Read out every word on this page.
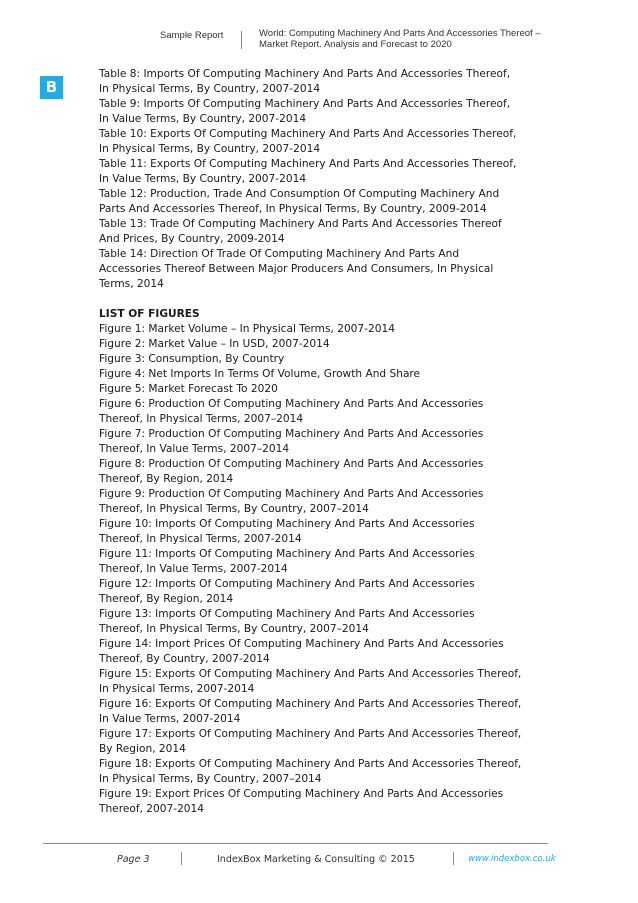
Sample Report	World: Computing Machinery And Parts And Accessories Thereof –
Market Report. Analysis and Forecast to 2020
B
Table 8: Imports Of Computing Machinery And Parts And Accessories Thereof,
In Physical Terms, By Country, 2007-2014
Table 9: Imports Of Computing Machinery And Parts And Accessories Thereof,
In Value Terms, By Country, 2007-2014
Table 10: Exports Of Computing Machinery And Parts And Accessories Thereof,
In Physical Terms, By Country, 2007-2014
Table 11: Exports Of Computing Machinery And Parts And Accessories Thereof,
In Value Terms, By Country, 2007-2014
Table 12: Production, Trade And Consumption Of Computing Machinery And
Parts And Accessories Thereof, In Physical Terms, By Country, 2009-2014
Table 13: Trade Of Computing Machinery And Parts And Accessories Thereof
And Prices, By Country, 2009-2014
Table 14: Direction Of Trade Of Computing Machinery And Parts And
Accessories Thereof Between Major Producers And Consumers, In Physical
Terms, 2014
LIST OF FIGURES
Figure 1: Market Volume – In Physical Terms, 2007-2014
Figure 2: Market Value – In USD, 2007-2014
Figure 3: Consumption, By Country
Figure 4: Net Imports In Terms Of Volume, Growth And Share
Figure 5: Market Forecast To 2020
Figure 6: Production Of Computing Machinery And Parts And Accessories
Thereof, In Physical Terms, 2007–2014
Figure 7: Production Of Computing Machinery And Parts And Accessories
Thereof, In Value Terms, 2007–2014
Figure 8: Production Of Computing Machinery And Parts And Accessories
Thereof, By Region, 2014
Figure 9: Production Of Computing Machinery And Parts And Accessories
Thereof, In Physical Terms, By Country, 2007–2014
Figure 10: Imports Of Computing Machinery And Parts And Accessories
Thereof, In Physical Terms, 2007-2014
Figure 11: Imports Of Computing Machinery And Parts And Accessories
Thereof, In Value Terms, 2007-2014
Figure 12: Imports Of Computing Machinery And Parts And Accessories
Thereof, By Region, 2014
Figure 13: Imports Of Computing Machinery And Parts And Accessories
Thereof, In Physical Terms, By Country, 2007–2014
Figure 14: Import Prices Of Computing Machinery And Parts And Accessories
Thereof, By Country, 2007-2014
Figure 15: Exports Of Computing Machinery And Parts And Accessories Thereof,
In Physical Terms, 2007-2014
Figure 16: Exports Of Computing Machinery And Parts And Accessories Thereof,
In Value Terms, 2007-2014
Figure 17: Exports Of Computing Machinery And Parts And Accessories Thereof,
By Region, 2014
Figure 18: Exports Of Computing Machinery And Parts And Accessories Thereof,
In Physical Terms, By Country, 2007–2014
Figure 19: Export Prices Of Computing Machinery And Parts And Accessories
Thereof, 2007-2014
Page 3	IndexBox Marketing & Consulting © 2015	www.indexbox.co.uk
